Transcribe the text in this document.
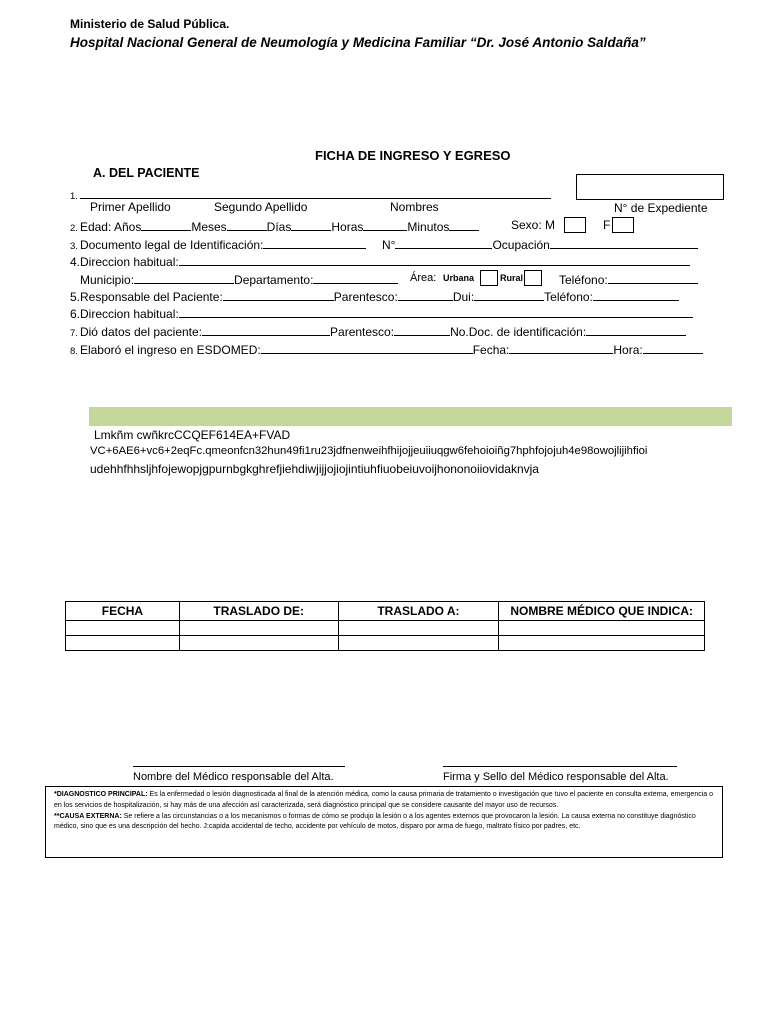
Ministerio de Salud Pública.
Hospital Nacional General de Neumología y Medicina Familiar “Dr. José Antonio Saldaña”
FICHA DE INGRESO Y EGRESO
A. DEL PACIENTE
1.
Primer Apellido	Segundo Apellido	Nombres	N° de Expediente
2. Edad: Años	Meses	Días	Horas	Minutos	Sexo: M	F
3. Documento legal de Identificación:	N°	Ocupación
4.Direccion habitual:
Municipio:	Departamento:	Área: Urbana	Rural	Teléfono:
5.Responsable del Paciente:	Parentesco:	Dui:	Teléfono:
6.Direccion habitual:
7. Dió datos del paciente:	Parentesco:	No.Doc. de identificación:
8. Elaboró el ingreso en ESDOMED:	Fecha:	Hora:
Lmkñm cwñkrcCCQEF614EA+FVAD
VC+6AE6+vc6+2eqFc.qmeonfcn32hun49fi1ru23jdfnenweihfhijojjeuiiuqgw6fehoioiñg7hphfojojuh4e98owojlijihfioi
udehhfhhsljhfojewopjgpurnbgkghrefjiehdiwjijjojiojintiuhfiuobeiuvoijhononoiiovidaknvja
FECHA	TRASLADO DE:	TRASLADO A:	NOMBRE MÉDICO QUE INDICA:

Nombre del Médico responsable del Alta.	Firma y Sello del Médico responsable del Alta.

*DIAGNOSTICO PRINCIPAL: Es la enfermedad o lesión diagnosticada al final de la atención médica, como la causa primaria de tratamiento o investigación que tuvo el paciente en consulta externa, emergencia o en los servicios de hospitalización, si hay más de una afección así caracterizada, será diagnóstico principal que se considere causante del mayor uso de recursos.

**CAUSA EXTERNA: Se refiere a las circunstancias o a los mecanismos o formas de cómo se produjo la lesión o a los agentes externos que provocaron la lesión. La causa externa no constituye diagnóstico médico, sino que es una descripción del hecho. J:capida accidental de techo, accidente por vehículo de motos, disparo por arma de fuego, maltrato físico por padres, etc.
